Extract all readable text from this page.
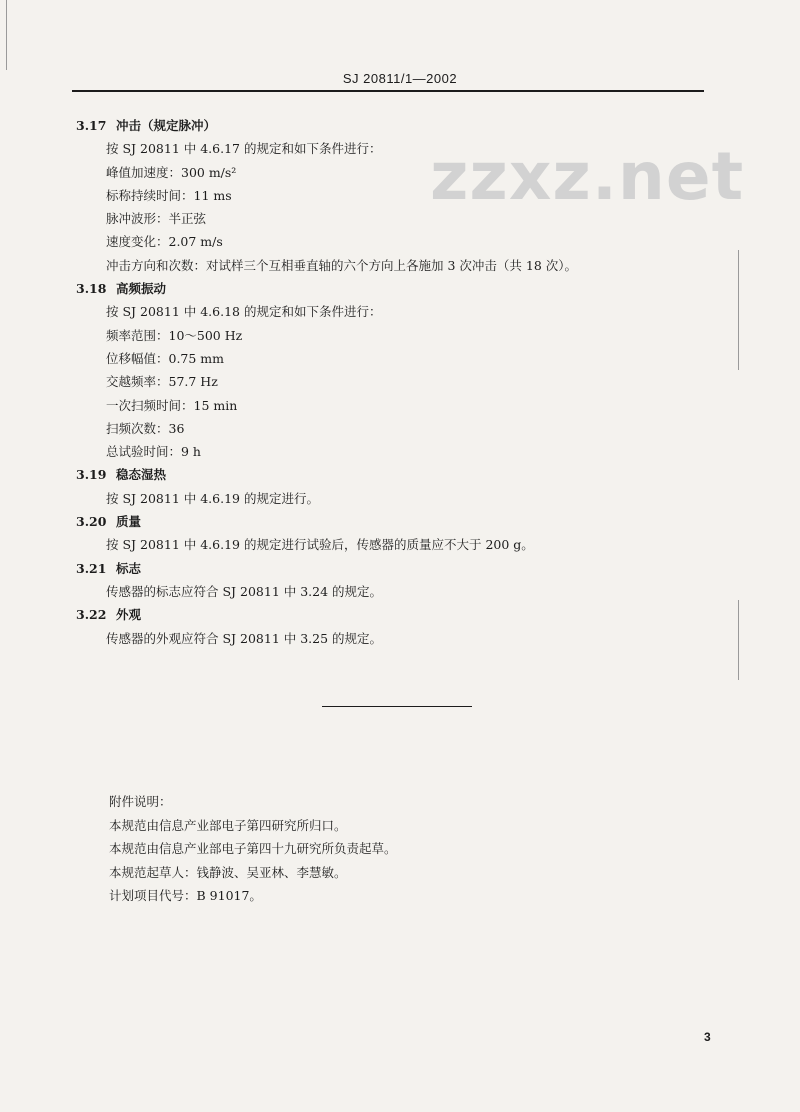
SJ 20811/1—2002
zzxz.net
3.17 冲击（规定脉冲）
按 SJ 20811 中 4.6.17 的规定和如下条件进行：
峰值加速度：300 m/s²
标称持续时间：11 ms
脉冲波形：半正弦
速度变化：2.07 m/s
冲击方向和次数：对试样三个互相垂直轴的六个方向上各施加 3 次冲击（共 18 次）。
3.18 高频振动
按 SJ 20811 中 4.6.18 的规定和如下条件进行：
频率范围：10～500 Hz
位移幅值：0.75 mm
交越频率：57.7 Hz
一次扫频时间：15 min
扫频次数：36
总试验时间：9 h
3.19 稳态湿热
按 SJ 20811 中 4.6.19 的规定进行。
3.20 质量
按 SJ 20811 中 4.6.19 的规定进行试验后，传感器的质量应不大于 200 g。
3.21 标志
传感器的标志应符合 SJ 20811 中 3.24 的规定。
3.22 外观
传感器的外观应符合 SJ 20811 中 3.25 的规定。
附件说明：
本规范由信息产业部电子第四研究所归口。
本规范由信息产业部电子第四十九研究所负责起草。
本规范起草人：钱静波、吴亚林、李慧敏。
计划项目代号：B 91017。
3
